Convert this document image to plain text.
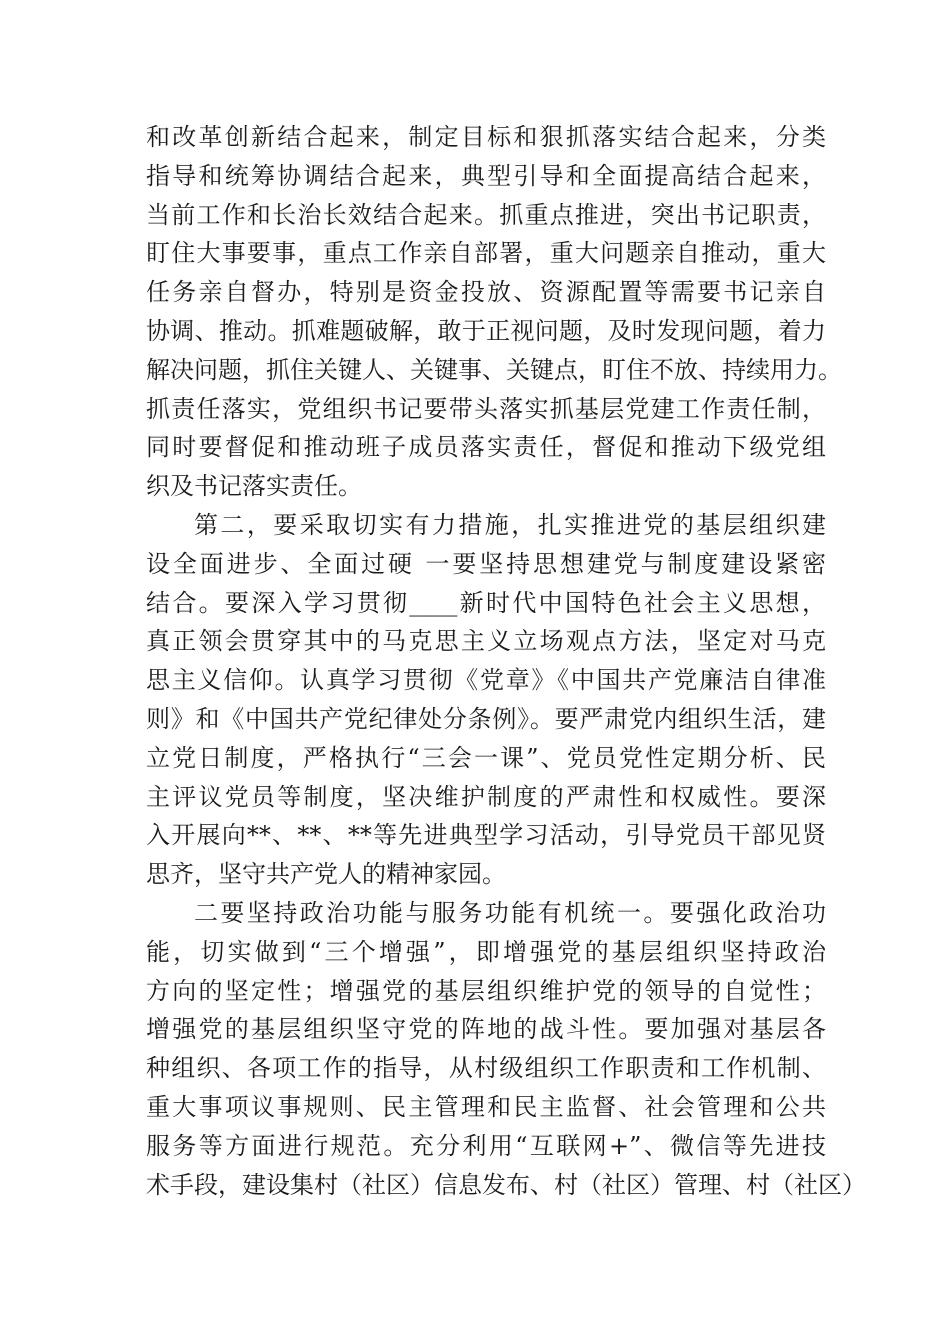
和改革创新结合起来，制定目标和狠抓落实结合起来，分类
指导和统筹协调结合起来，典型引导和全面提高结合起来，
当前工作和长治长效结合起来。抓重点推进，突出书记职责，
盯住大事要事，重点工作亲自部署，重大问题亲自推动，重大
任务亲自督办，特别是资金投放、资源配置等需要书记亲自
协调、推动。抓难题破解，敢于正视问题，及时发现问题，着力
解决问题，抓住关键人、关键事、关键点，盯住不放、持续用力。
抓责任落实，党组织书记要带头落实抓基层党建工作责任制，
同时要督促和推动班子成员落实责任，督促和推动下级党组
织及书记落实责任。
第二，要采取切实有力措施，扎实推进党的基层组织建
设全面进步、全面过硬 一要坚持思想建党与制度建设紧密
结合。要深入学习贯彻____新时代中国特色社会主义思想，
真正领会贯穿其中的马克思主义立场观点方法，坚定对马克
思主义信仰。认真学习贯彻《党章》《中国共产党廉洁自律准
则》和《中国共产党纪律处分条例》。要严肃党内组织生活，建
立党日制度，严格执行“三会一课”、党员党性定期分析、民
主评议党员等制度，坚决维护制度的严肃性和权威性。要深
入开展向**、**、**等先进典型学习活动，引导党员干部见贤
思齐，坚守共产党人的精神家园。
二要坚持政治功能与服务功能有机统一。要强化政治功
能，切实做到“三个增强”，即增强党的基层组织坚持政治
方向的坚定性；增强党的基层组织维护党的领导的自觉性；
增强党的基层组织坚守党的阵地的战斗性。要加强对基层各
种组织、各项工作的指导，从村级组织工作职责和工作机制、
重大事项议事规则、民主管理和民主监督、社会管理和公共
服务等方面进行规范。充分利用“互联网+”、微信等先进技
术手段，建设集村（社区）信息发布、村（社区）管理、村（社区）
